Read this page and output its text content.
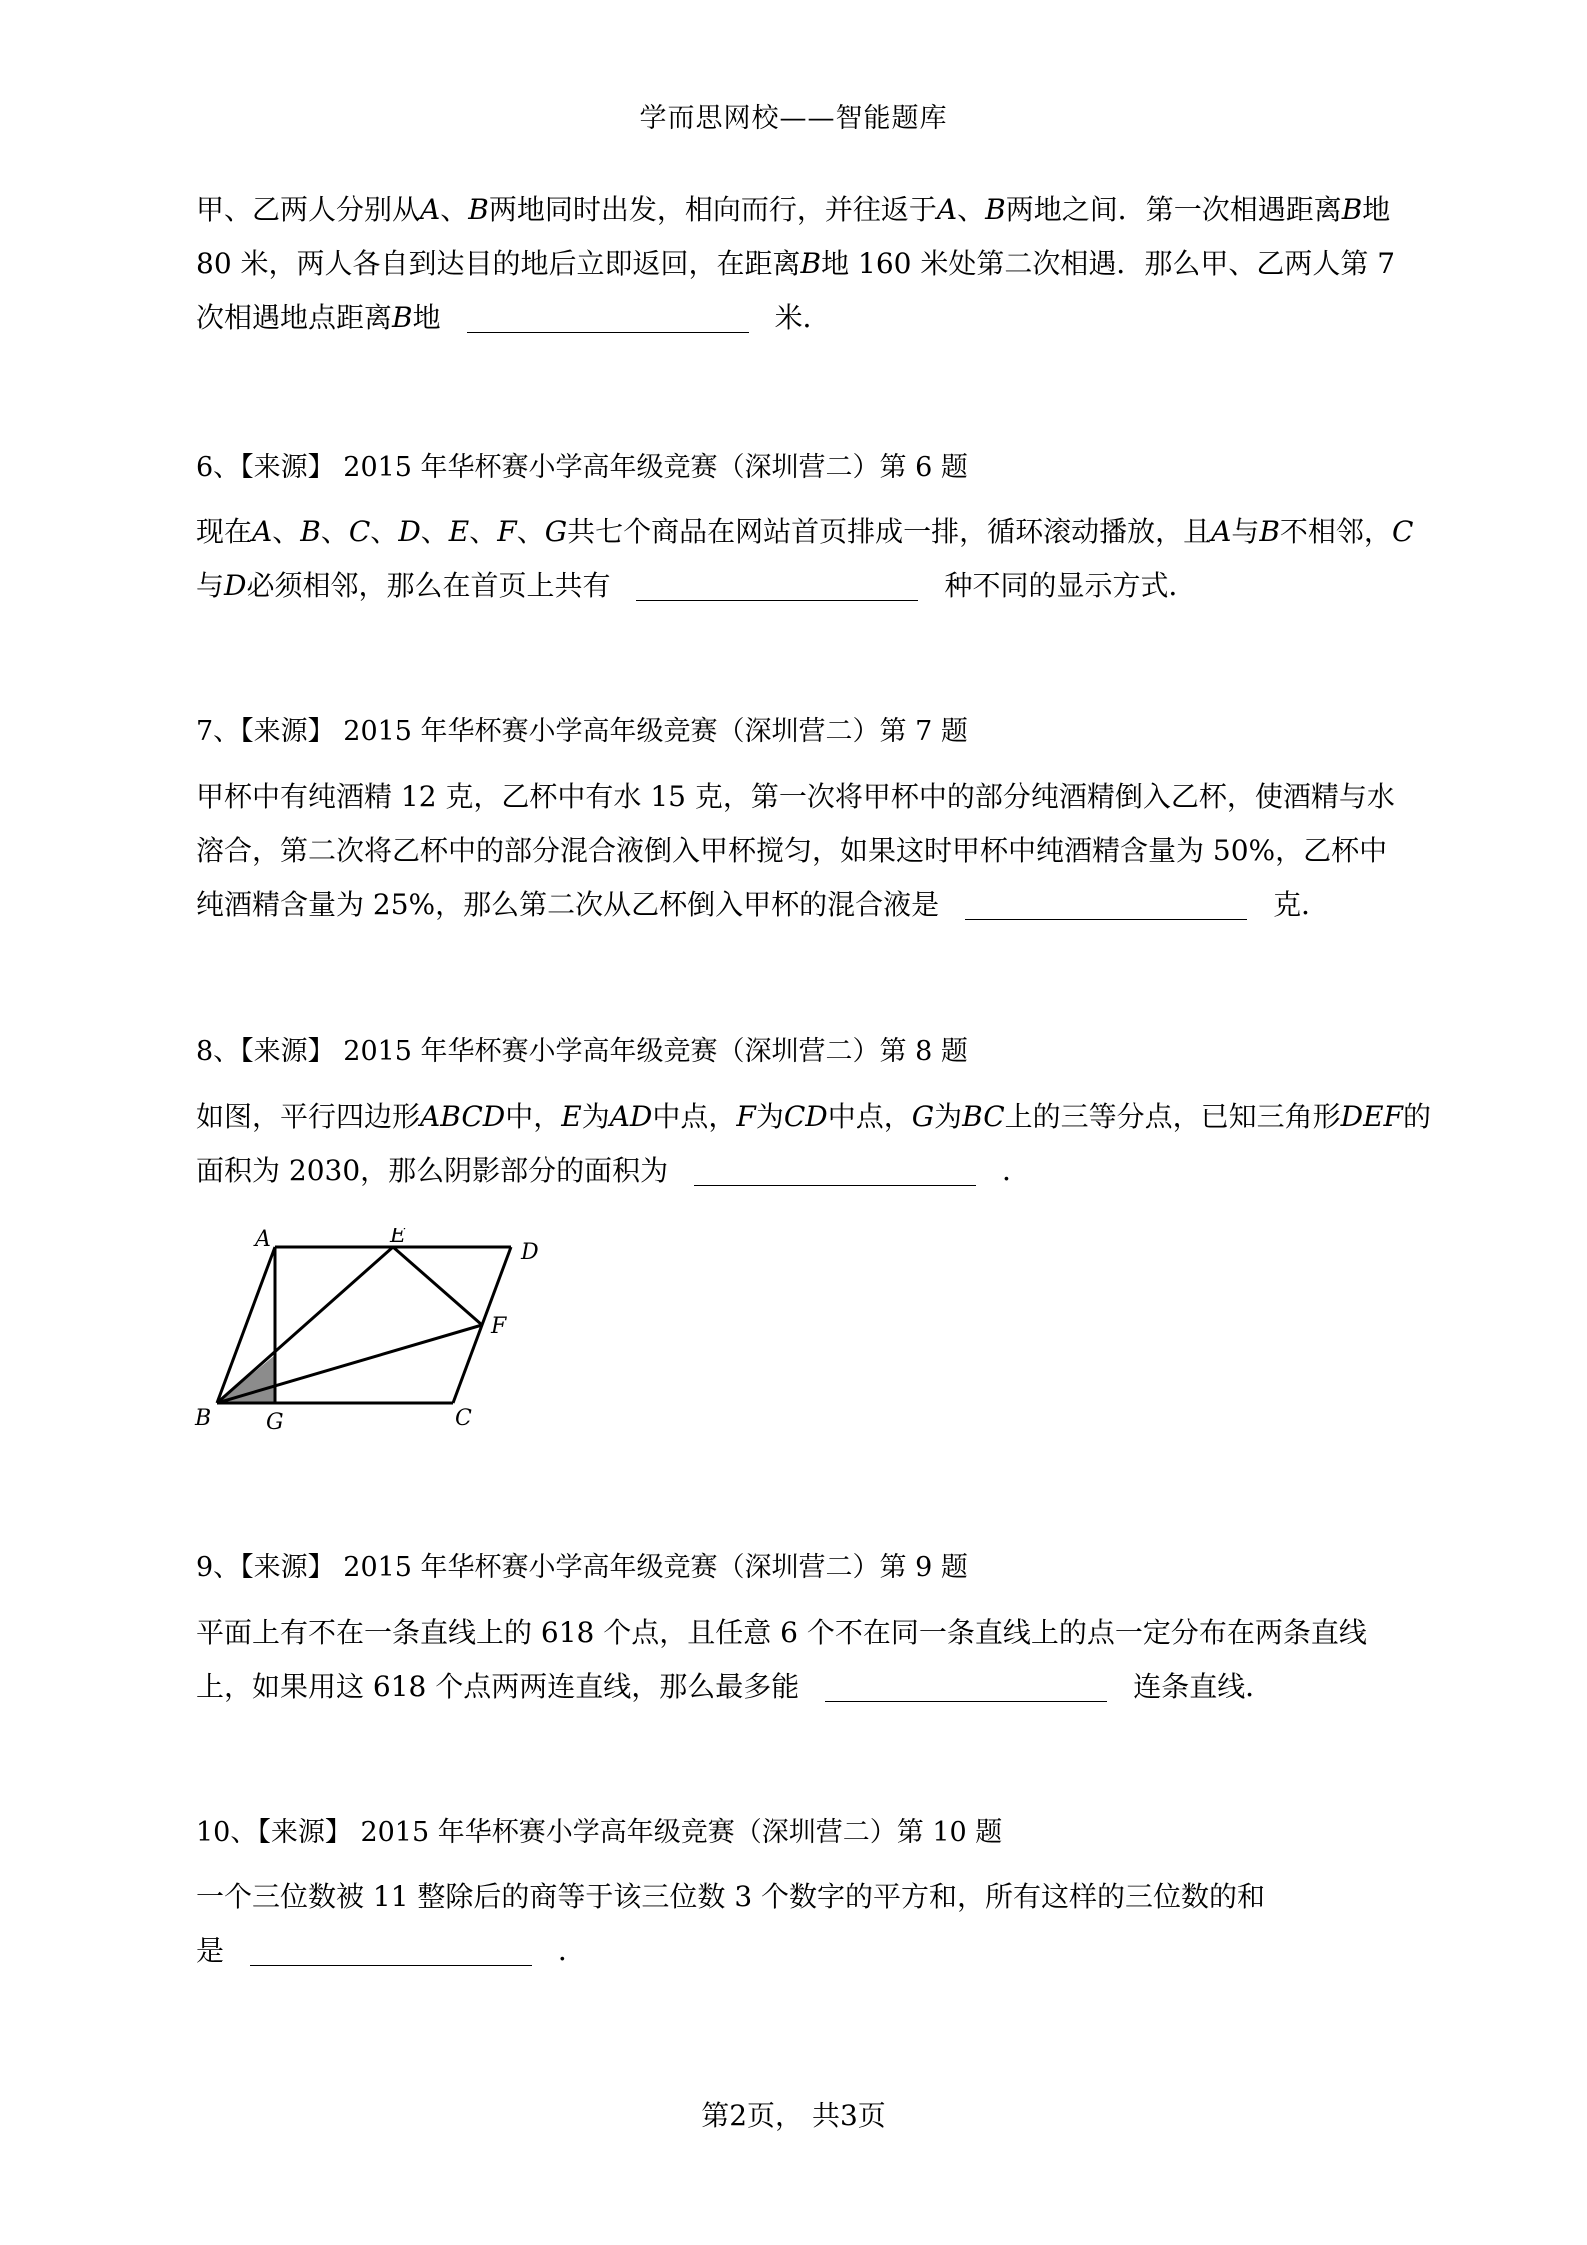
学而思网校——智能题库
甲、乙两人分别从A、B两地同时出发，相向而行，并往返于A、B两地之间．第一次相遇距离B地
80 米，两人各自到达目的地后立即返回，在距离B地 160 米处第二次相遇．那么甲、乙两人第 7
次相遇地点距离B地	米．
6、【来源】 2015 年华杯赛小学高年级竞赛（深圳营二）第 6 题
现在A、B、C、D、E、F、G共七个商品在网站首页排成一排，循环滚动播放，且A与B不相邻，C
与D必须相邻，那么在首页上共有	种不同的显示方式．
7、【来源】 2015 年华杯赛小学高年级竞赛（深圳营二）第 7 题
甲杯中有纯酒精 12 克，乙杯中有水 15 克，第一次将甲杯中的部分纯酒精倒入乙杯，使酒精与水
溶合，第二次将乙杯中的部分混合液倒入甲杯搅匀，如果这时甲杯中纯酒精含量为 50%，乙杯中
纯酒精含量为 25%，那么第二次从乙杯倒入甲杯的混合液是	克．
8、【来源】 2015 年华杯赛小学高年级竞赛（深圳营二）第 8 题
如图，平行四边形ABCD中，E为AD中点，F为CD中点，G为BC上的三等分点，已知三角形DEF的
面积为 2030，那么阴影部分的面积为	．
A	E
D
F
B G	C
9、【来源】 2015 年华杯赛小学高年级竞赛（深圳营二）第 9 题
平面上有不在一条直线上的 618 个点，且任意 6 个不在同一条直线上的点一定分布在两条直线
上，如果用这 618 个点两两连直线，那么最多能	连条直线．
10、【来源】 2015 年华杯赛小学高年级竞赛（深圳营二）第 10 题
一个三位数被 11 整除后的商等于该三位数 3 个数字的平方和，所有这样的三位数的和
是	．
第2页， 共3页
